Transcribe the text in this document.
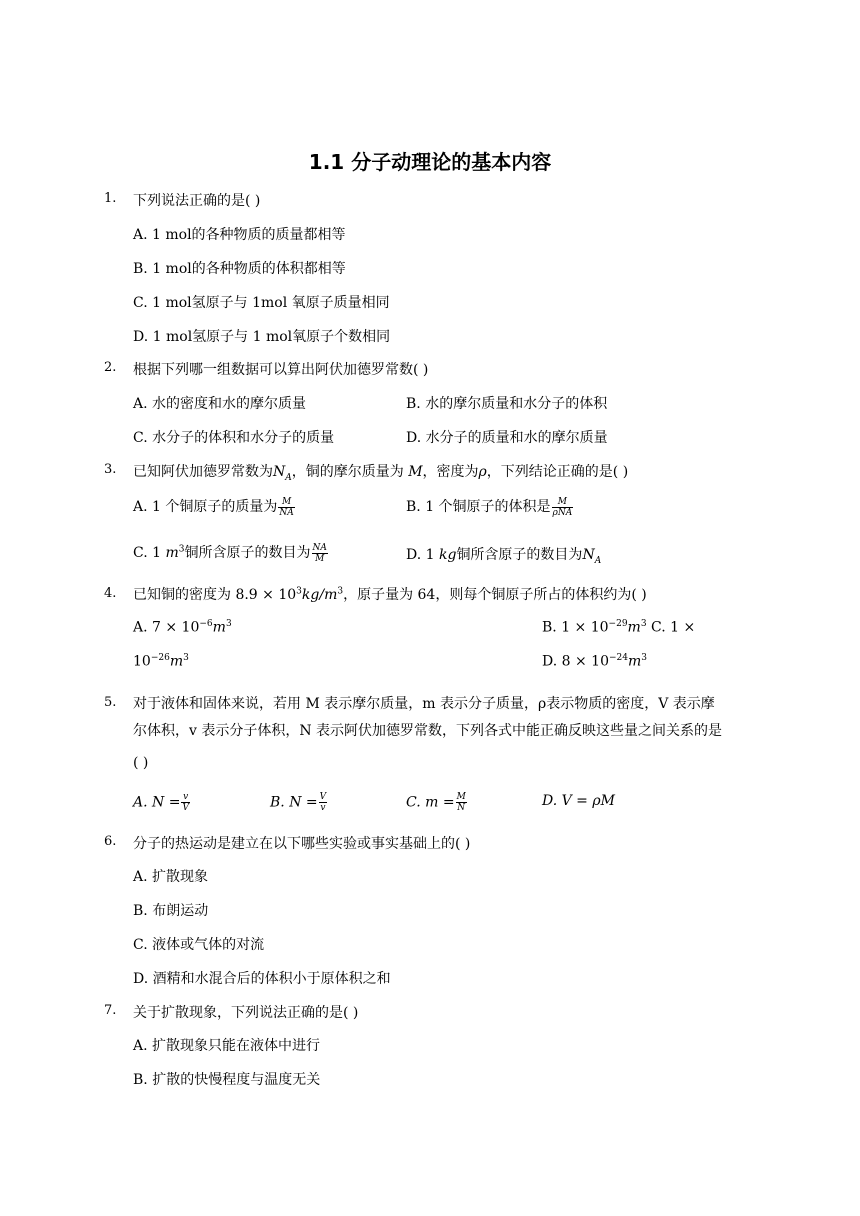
1.1 分子动理论的基本内容
1. 下列说法正确的是( )
A. 1 mol的各种物质的质量都相等
B. 1 mol的各种物质的体积都相等
C. 1 mol氢原子与 1mol 氧原子质量相同
D. 1 mol氢原子与 1 mol氧原子个数相同
2. 根据下列哪一组数据可以算出阿伏加德罗常数( )
A. 水的密度和水的摩尔质量	B. 水的摩尔质量和水分子的体积
C. 水分子的体积和水分子的质量	D. 水分子的质量和水的摩尔质量
3. 已知阿伏加德罗常数为$N_A$，铜的摩尔质量为 M，密度为ρ，下列结论正确的是( )
A. 1 个铜原子的质量为 $\frac{M}{NA}$	B. 1 个铜原子的体积是 $\frac{M}{\text{ρNA}}$
C. 1 $m^3$铜所含原子的数目为 $\frac{NA}{M}$	D. 1 kg铜所含原子的数目为$N_A$
4. 已知铜的密度为 $8.9 \times 10^3kg/m^3$，原子量为 64，则每个铜原子所占的体积约为( )
A. $7 \times 10^{-6}m^3$	B. $1 \times 10^{-29}m^3$ C. 1 ×
$10^{-26}m^3$	D. $8 \times 10^{-24}m^3$
5. 对于液体和固体来说，若用 M 表示摩尔质量，m 表示分子质量，ρ表示物质的密度，V 表示摩
尔体积，v 表示分子体积，N 表示阿伏加德罗常数，下列各式中能正确反映这些量之间关系的是
( )
A. $N = \frac{v}{V}$	B. $N = \frac{V}{v}$	C. $m = \frac{M}{N}$	D. V = ρM
6. 分子的热运动是建立在以下哪些实验或事实基础上的( )
A. 扩散现象
B. 布朗运动
C. 液体或气体的对流
D. 酒精和水混合后的体积小于原体积之和
7. 关于扩散现象，下列说法正确的是( )
A. 扩散现象只能在液体中进行
B. 扩散的快慢程度与温度无关
